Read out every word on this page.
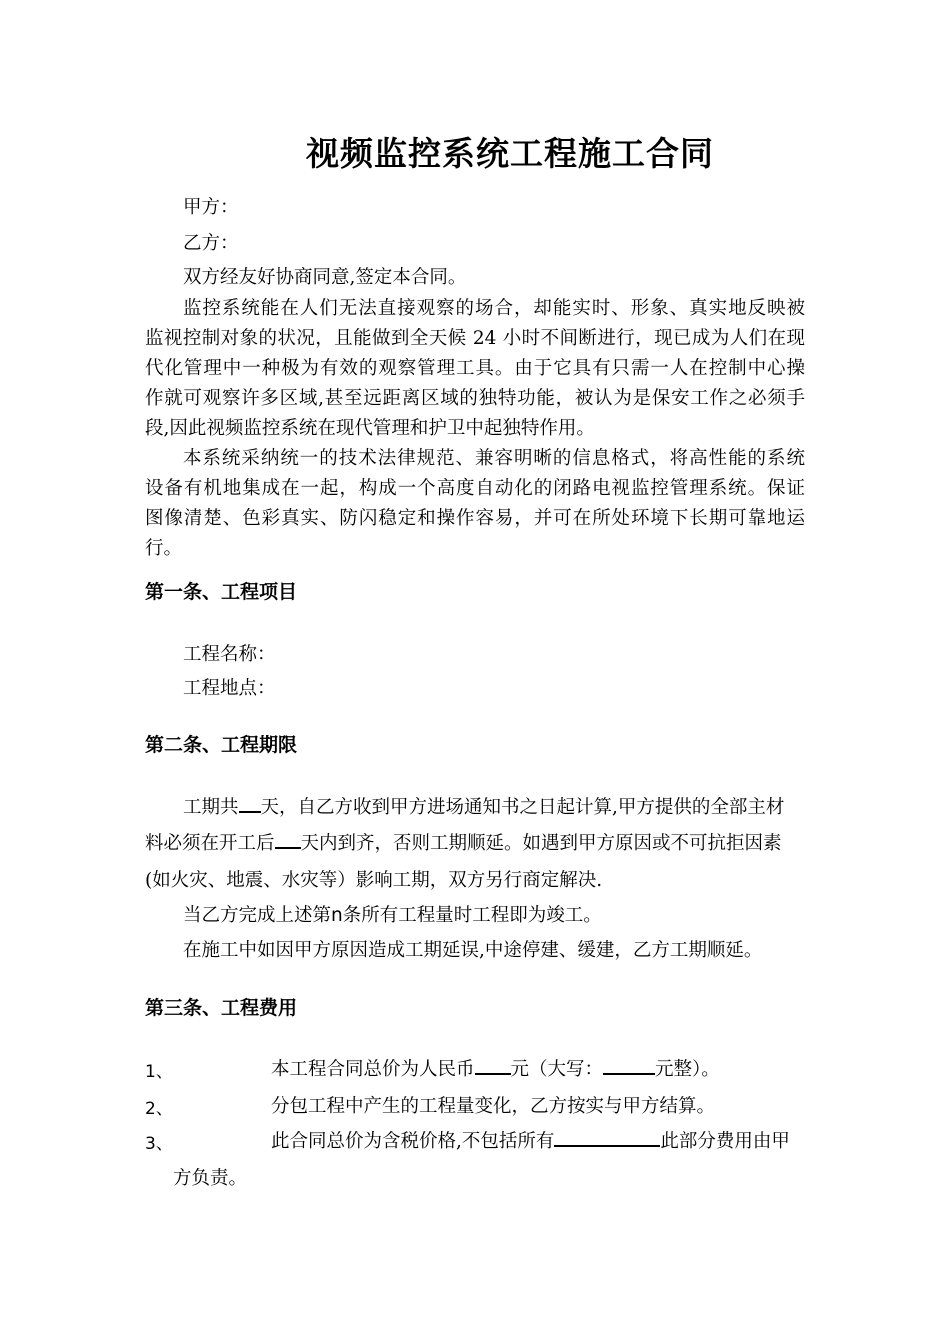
视频监控系统工程施工合同
甲方：
乙方：
双方经友好协商同意,签定本合同。
监控系统能在人们无法直接观察的场合，却能实时、形象、真实地反映被
监视控制对象的状况，且能做到全天候 24 小时不间断进行，现已成为人们在现
代化管理中一种极为有效的观察管理工具。由于它具有只需一人在控制中心操
作就可观察许多区域,甚至远距离区域的独特功能，被认为是保安工作之必须手
段,因此视频监控系统在现代管理和护卫中起独特作用。
本系统采纳统一的技术法律规范、兼容明晰的信息格式，将高性能的系统
设备有机地集成在一起，构成一个高度自动化的闭路电视监控管理系统。保证
图像清楚、色彩真实、防闪稳定和操作容易，并可在所处环境下长期可靠地运
行。
第一条、工程项目
工程名称：
工程地点：
第二条、工程期限
工期共 天，自乙方收到甲方进场通知书之日起计算,甲方提供的全部主材
料必须在开工后 天内到齐，否则工期顺延。如遇到甲方原因或不可抗拒因素
(如火灾、地震、水灾等）影响工期，双方另行商定解决.
当乙方完成上述第n条所有工程量时工程即为竣工。
在施工中如因甲方原因造成工期延误,中途停建、缓建，乙方工期顺延。
第三条、工程费用
1、	本工程合同总价为人民币 元（大写：	元整）。
2、	分包工程中产生的工程量变化，乙方按实与甲方结算。
3、	此合同总价为含税价格,不包括所有	此部分费用由甲
方负责。
